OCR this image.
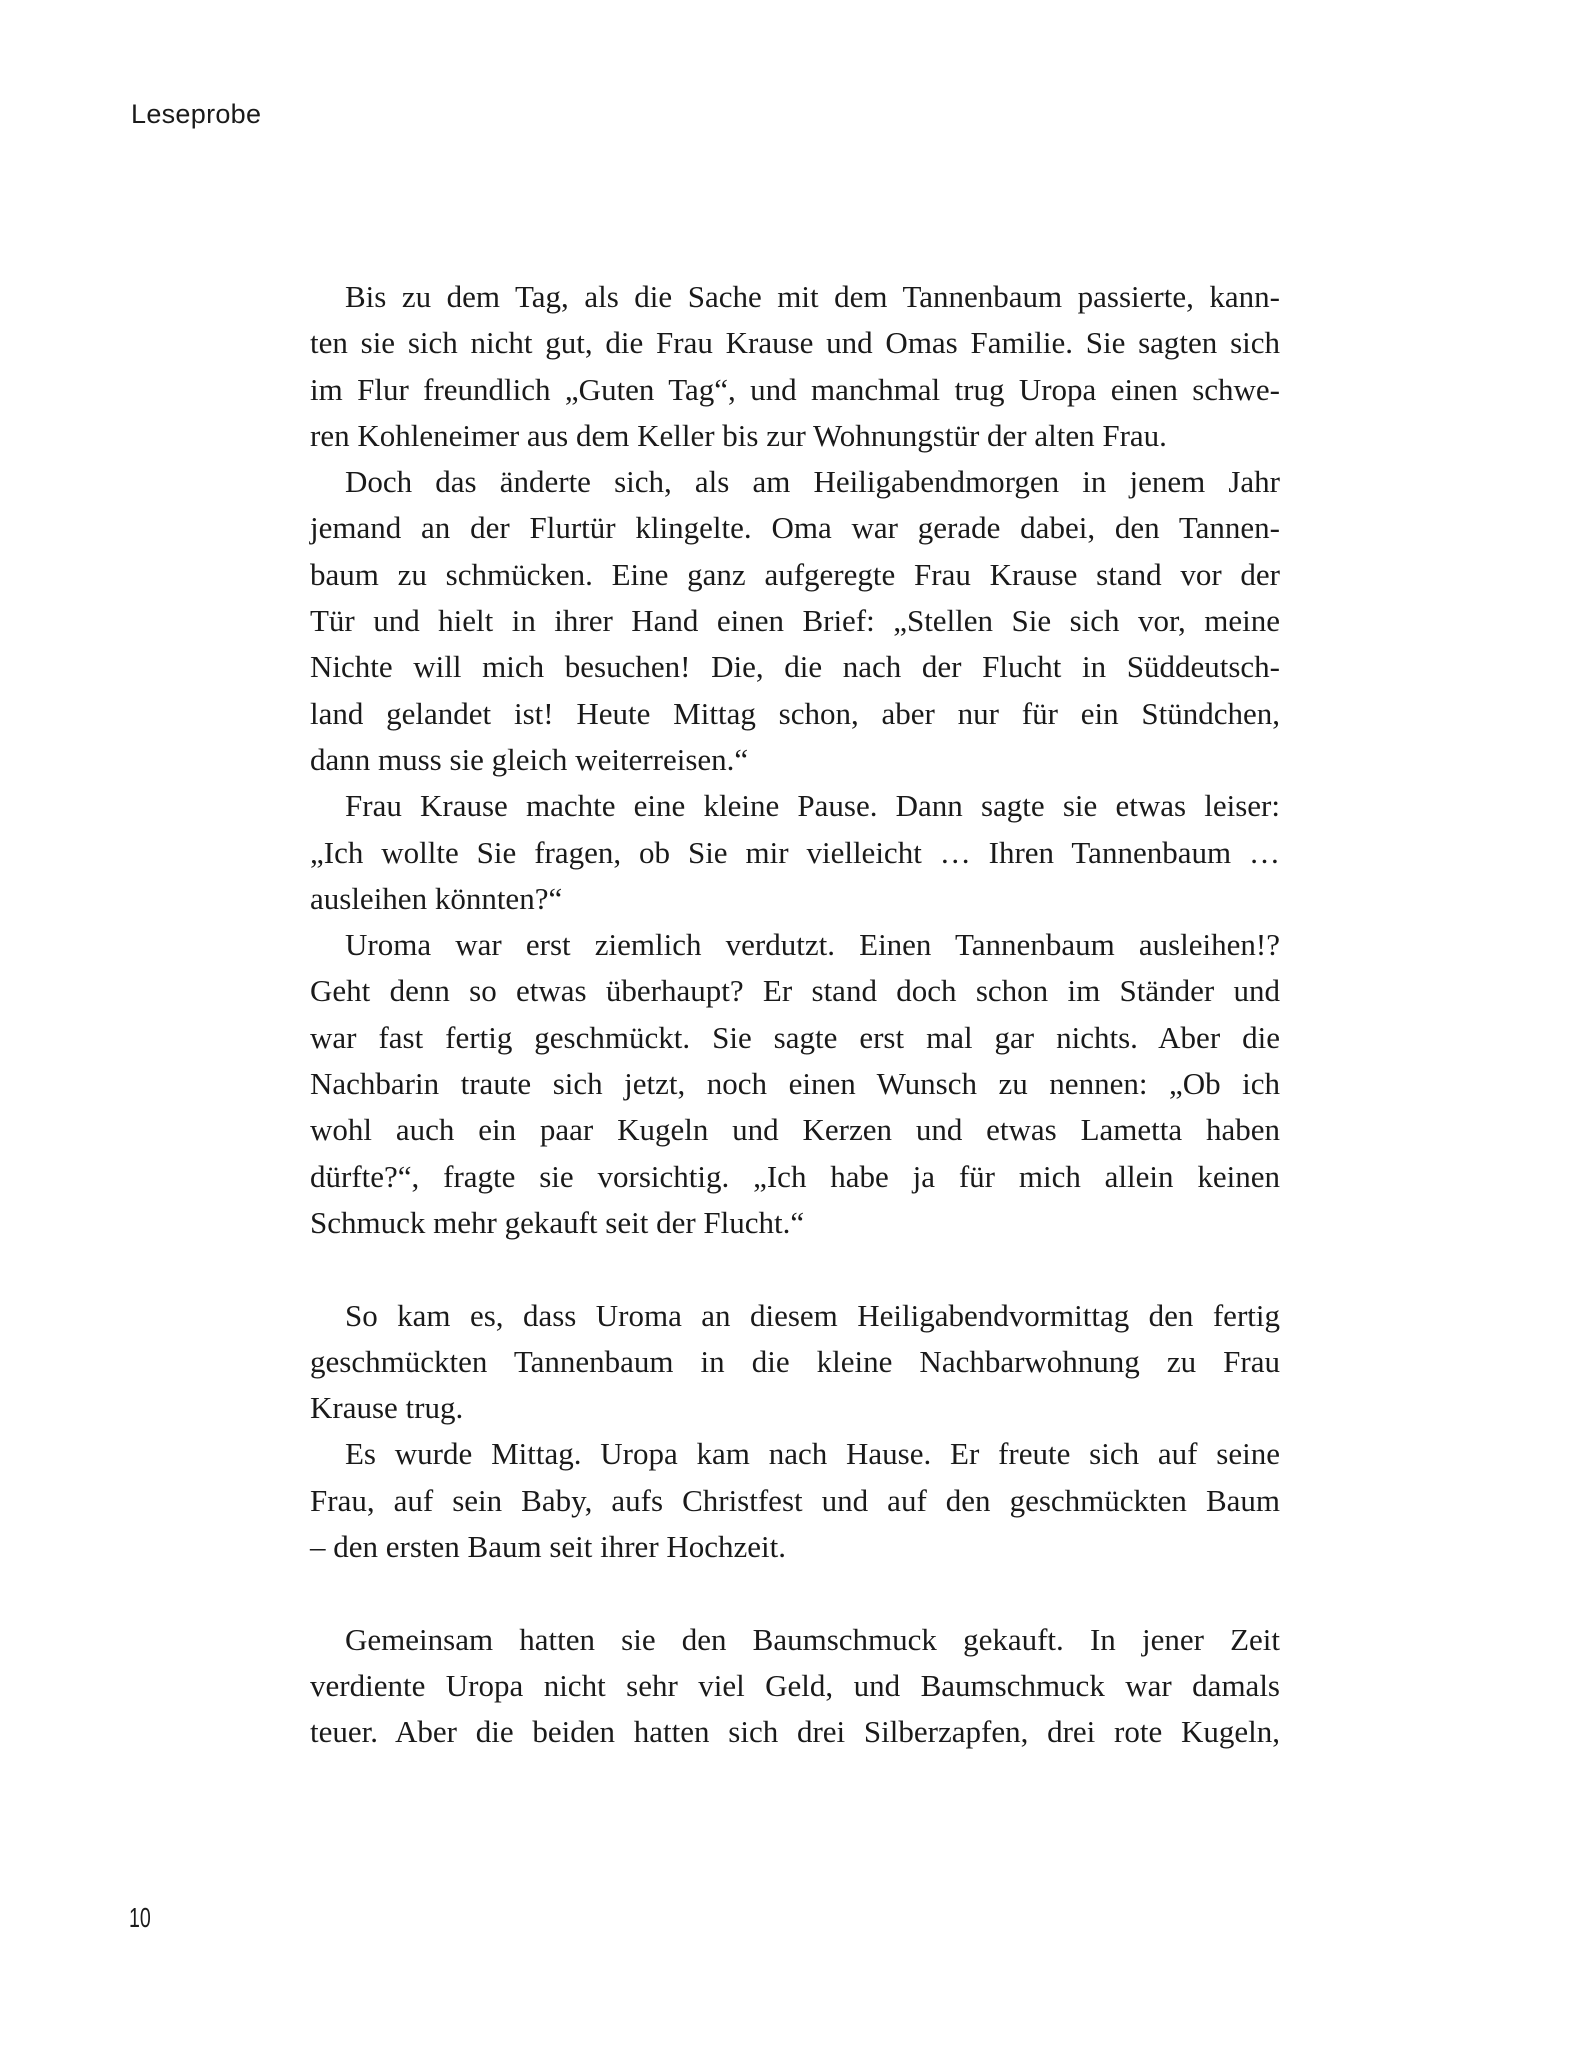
Leseprobe
Bis zu dem Tag, als die Sache mit dem Tannenbaum passierte, kann-
ten sie sich nicht gut, die Frau Krause und Omas Familie. Sie sagten sich
im Flur freundlich „Guten Tag“, und manchmal trug Uropa einen schwe-
ren Kohleneimer aus dem Keller bis zur Wohnungstür der alten Frau.
Doch das änderte sich, als am Heiligabendmorgen in jenem Jahr
jemand an der Flurtür klingelte. Oma war gerade dabei, den Tannen-
baum zu schmücken. Eine ganz aufgeregte Frau Krause stand vor der
Tür und hielt in ihrer Hand einen Brief: „Stellen Sie sich vor, meine
Nichte will mich besuchen! Die, die nach der Flucht in Süddeutsch-
land gelandet ist! Heute Mittag schon, aber nur für ein Stündchen,
dann muss sie gleich weiterreisen.“
Frau Krause machte eine kleine Pause. Dann sagte sie etwas leiser:
„Ich wollte Sie fragen, ob Sie mir vielleicht … Ihren Tannenbaum …
ausleihen könnten?“
Uroma war erst ziemlich verdutzt. Einen Tannenbaum ausleihen!?
Geht denn so etwas überhaupt? Er stand doch schon im Ständer und
war fast fertig geschmückt. Sie sagte erst mal gar nichts. Aber die
Nachbarin traute sich jetzt, noch einen Wunsch zu nennen: „Ob ich
wohl auch ein paar Kugeln und Kerzen und etwas Lametta haben
dürfte?“, fragte sie vorsichtig. „Ich habe ja für mich allein keinen
Schmuck mehr gekauft seit der Flucht.“
So kam es, dass Uroma an diesem Heiligabendvormittag den fertig
geschmückten Tannenbaum in die kleine Nachbarwohnung zu Frau
Krause trug.
Es wurde Mittag. Uropa kam nach Hause. Er freute sich auf seine
Frau, auf sein Baby, aufs Christfest und auf den geschmückten Baum
– den ersten Baum seit ihrer Hochzeit.
Gemeinsam hatten sie den Baumschmuck gekauft. In jener Zeit
verdiente Uropa nicht sehr viel Geld, und Baumschmuck war damals
teuer. Aber die beiden hatten sich drei Silberzapfen, drei rote Kugeln,
10
